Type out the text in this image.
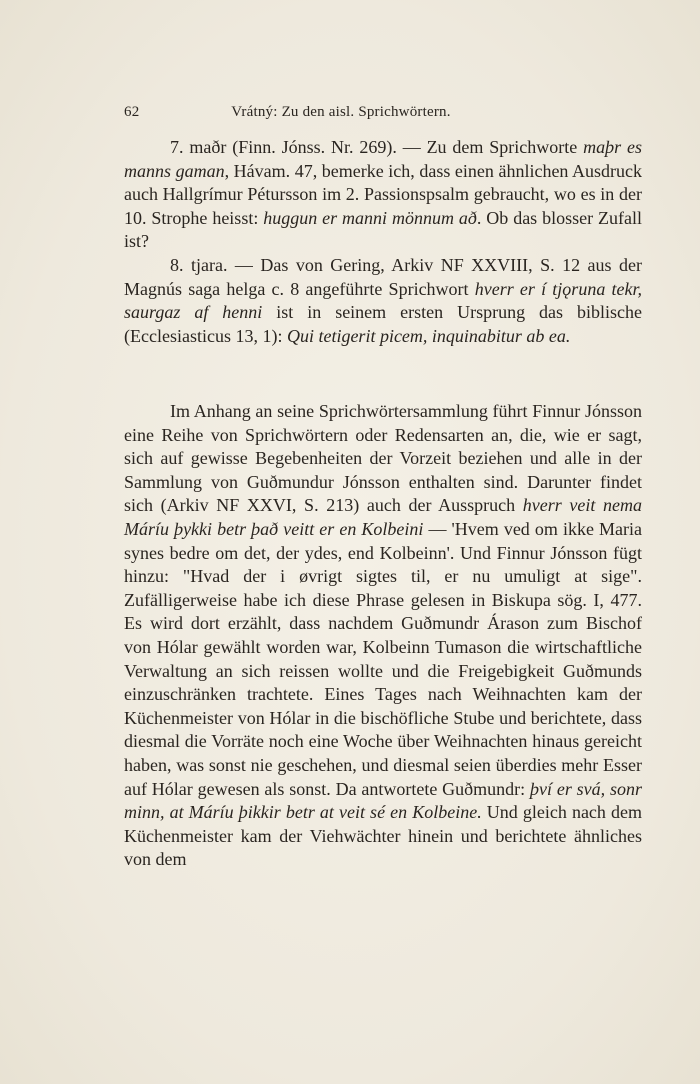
62	Vrátný: Zu den aisl. Sprichwörtern.

7. maðr (Finn. Jónss. Nr. 269). — Zu dem Sprichworte maþr es manns gaman, Hávam. 47, bemerke ich, dass einen ähnlichen Ausdruck auch Hallgrímur Pétursson im 2. Passionspsalm gebraucht, wo es in der 10. Strophe heisst: huggun er manni mönnum að. Ob das blosser Zufall ist?

8. tjara. — Das von Gering, Arkiv NF XXVIII, S. 12 aus der Magnús saga helga c. 8 angeführte Sprichwort hverr er í tjǫruna tekr, saurgaz af henni ist in seinem ersten Ursprung das biblische (Ecclesiasticus 13, 1): Qui tetigerit picem, inquinabitur ab ea.

Im Anhang an seine Sprichwörtersammlung führt Finnur Jónsson eine Reihe von Sprichwörtern oder Redensarten an, die, wie er sagt, sich auf gewisse Begebenheiten der Vorzeit beziehen und alle in der Sammlung von Guðmundur Jónsson enthalten sind. Darunter findet sich (Arkiv NF XXVI, S. 213) auch der Ausspruch hverr veit nema Máríu þykki betr það veitt er en Kolbeini — 'Hvem ved om ikke Maria synes bedre om det, der ydes, end Kolbeinn'. Und Finnur Jónsson fügt hinzu: "Hvad der i øvrigt sigtes til, er nu umuligt at sige". Zufälligerweise habe ich diese Phrase gelesen in Biskupa sög. I, 477. Es wird dort erzählt, dass nachdem Guðmundr Árason zum Bischof von Hólar gewählt worden war, Kolbeinn Tumason die wirtschaftliche Verwaltung an sich reissen wollte und die Freigebigkeit Guðmunds einzuschränken trachtete. Eines Tages nach Weihnachten kam der Küchenmeister von Hólar in die bischöfliche Stube und berichtete, dass diesmal die Vorräte noch eine Woche über Weihnachten hinaus gereicht haben, was sonst nie geschehen, und diesmal seien überdies mehr Esser auf Hólar gewesen als sonst. Da antwortete Guðmundr: því er svá, sonr minn, at Máríu þikkir betr at veit sé en Kolbeine. Und gleich nach dem Küchenmeister kam der Viehwächter hinein und berichtete ähnliches von dem
